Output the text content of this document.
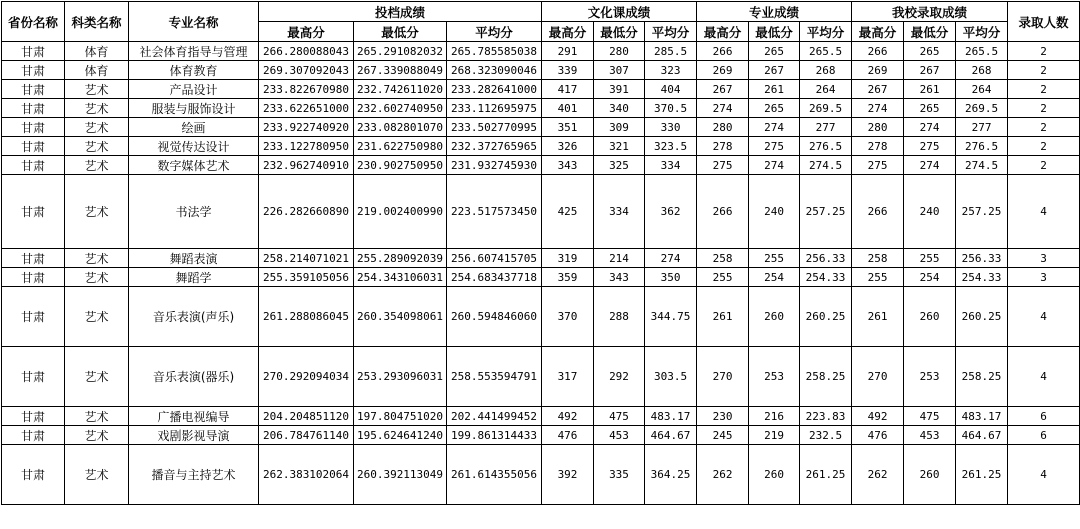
省份名称	科类名称	专业名称	投档成绩			文化课成绩			专业成绩			我校录取成绩			录取人数
			最高分	最低分	平均分	最高分	最低分	平均分	最高分	最低分	平均分	最高分	最低分	平均分	
甘肃	体育	社会体育指导与管理	266.280088043	265.291082032	265.785585038	291	280	285.5	266	265	265.5	266	265	265.5	2
甘肃	体育	体育教育	269.307092043	267.339088049	268.323090046	339	307	323	269	267	268	269	267	268	2
甘肃	艺术	产品设计	233.822670980	232.742611020	233.282641000	417	391	404	267	261	264	267	261	264	2
甘肃	艺术	服装与服饰设计	233.622651000	232.602740950	233.112695975	401	340	370.5	274	265	269.5	274	265	269.5	2
甘肃	艺术	绘画	233.922740920	233.082801070	233.502770995	351	309	330	280	274	277	280	274	277	2
甘肃	艺术	视觉传达设计	233.122780950	231.622750980	232.372765965	326	321	323.5	278	275	276.5	278	275	276.5	2
甘肃	艺术	数字媒体艺术	232.962740910	230.902750950	231.932745930	343	325	334	275	274	274.5	275	274	274.5	2
甘肃	艺术	书法学	226.282660890	219.002400990	223.517573450	425	334	362	266	240	257.25	266	240	257.25	4
甘肃	艺术	舞蹈表演	258.214071021	255.289092039	256.607415705	319	214	274	258	255	256.33	258	255	256.33	3
甘肃	艺术	舞蹈学	255.359105056	254.343106031	254.683437718	359	343	350	255	254	254.33	255	254	254.33	3
甘肃	艺术	音乐表演(声乐)	261.288086045	260.354098061	260.594846060	370	288	344.75	261	260	260.25	261	260	260.25	4
甘肃	艺术	音乐表演(器乐)	270.292094034	253.293096031	258.553594791	317	292	303.5	270	253	258.25	270	253	258.25	4
甘肃	艺术	广播电视编导	204.204851120	197.804751020	202.441499452	492	475	483.17	230	216	223.83	492	475	483.17	6
甘肃	艺术	戏剧影视导演	206.784761140	195.624641240	199.861314433	476	453	464.67	245	219	232.5	476	453	464.67	6
甘肃	艺术	播音与主持艺术	262.383102064	260.392113049	261.614355056	392	335	364.25	262	260	261.25	262	260	261.25	4
